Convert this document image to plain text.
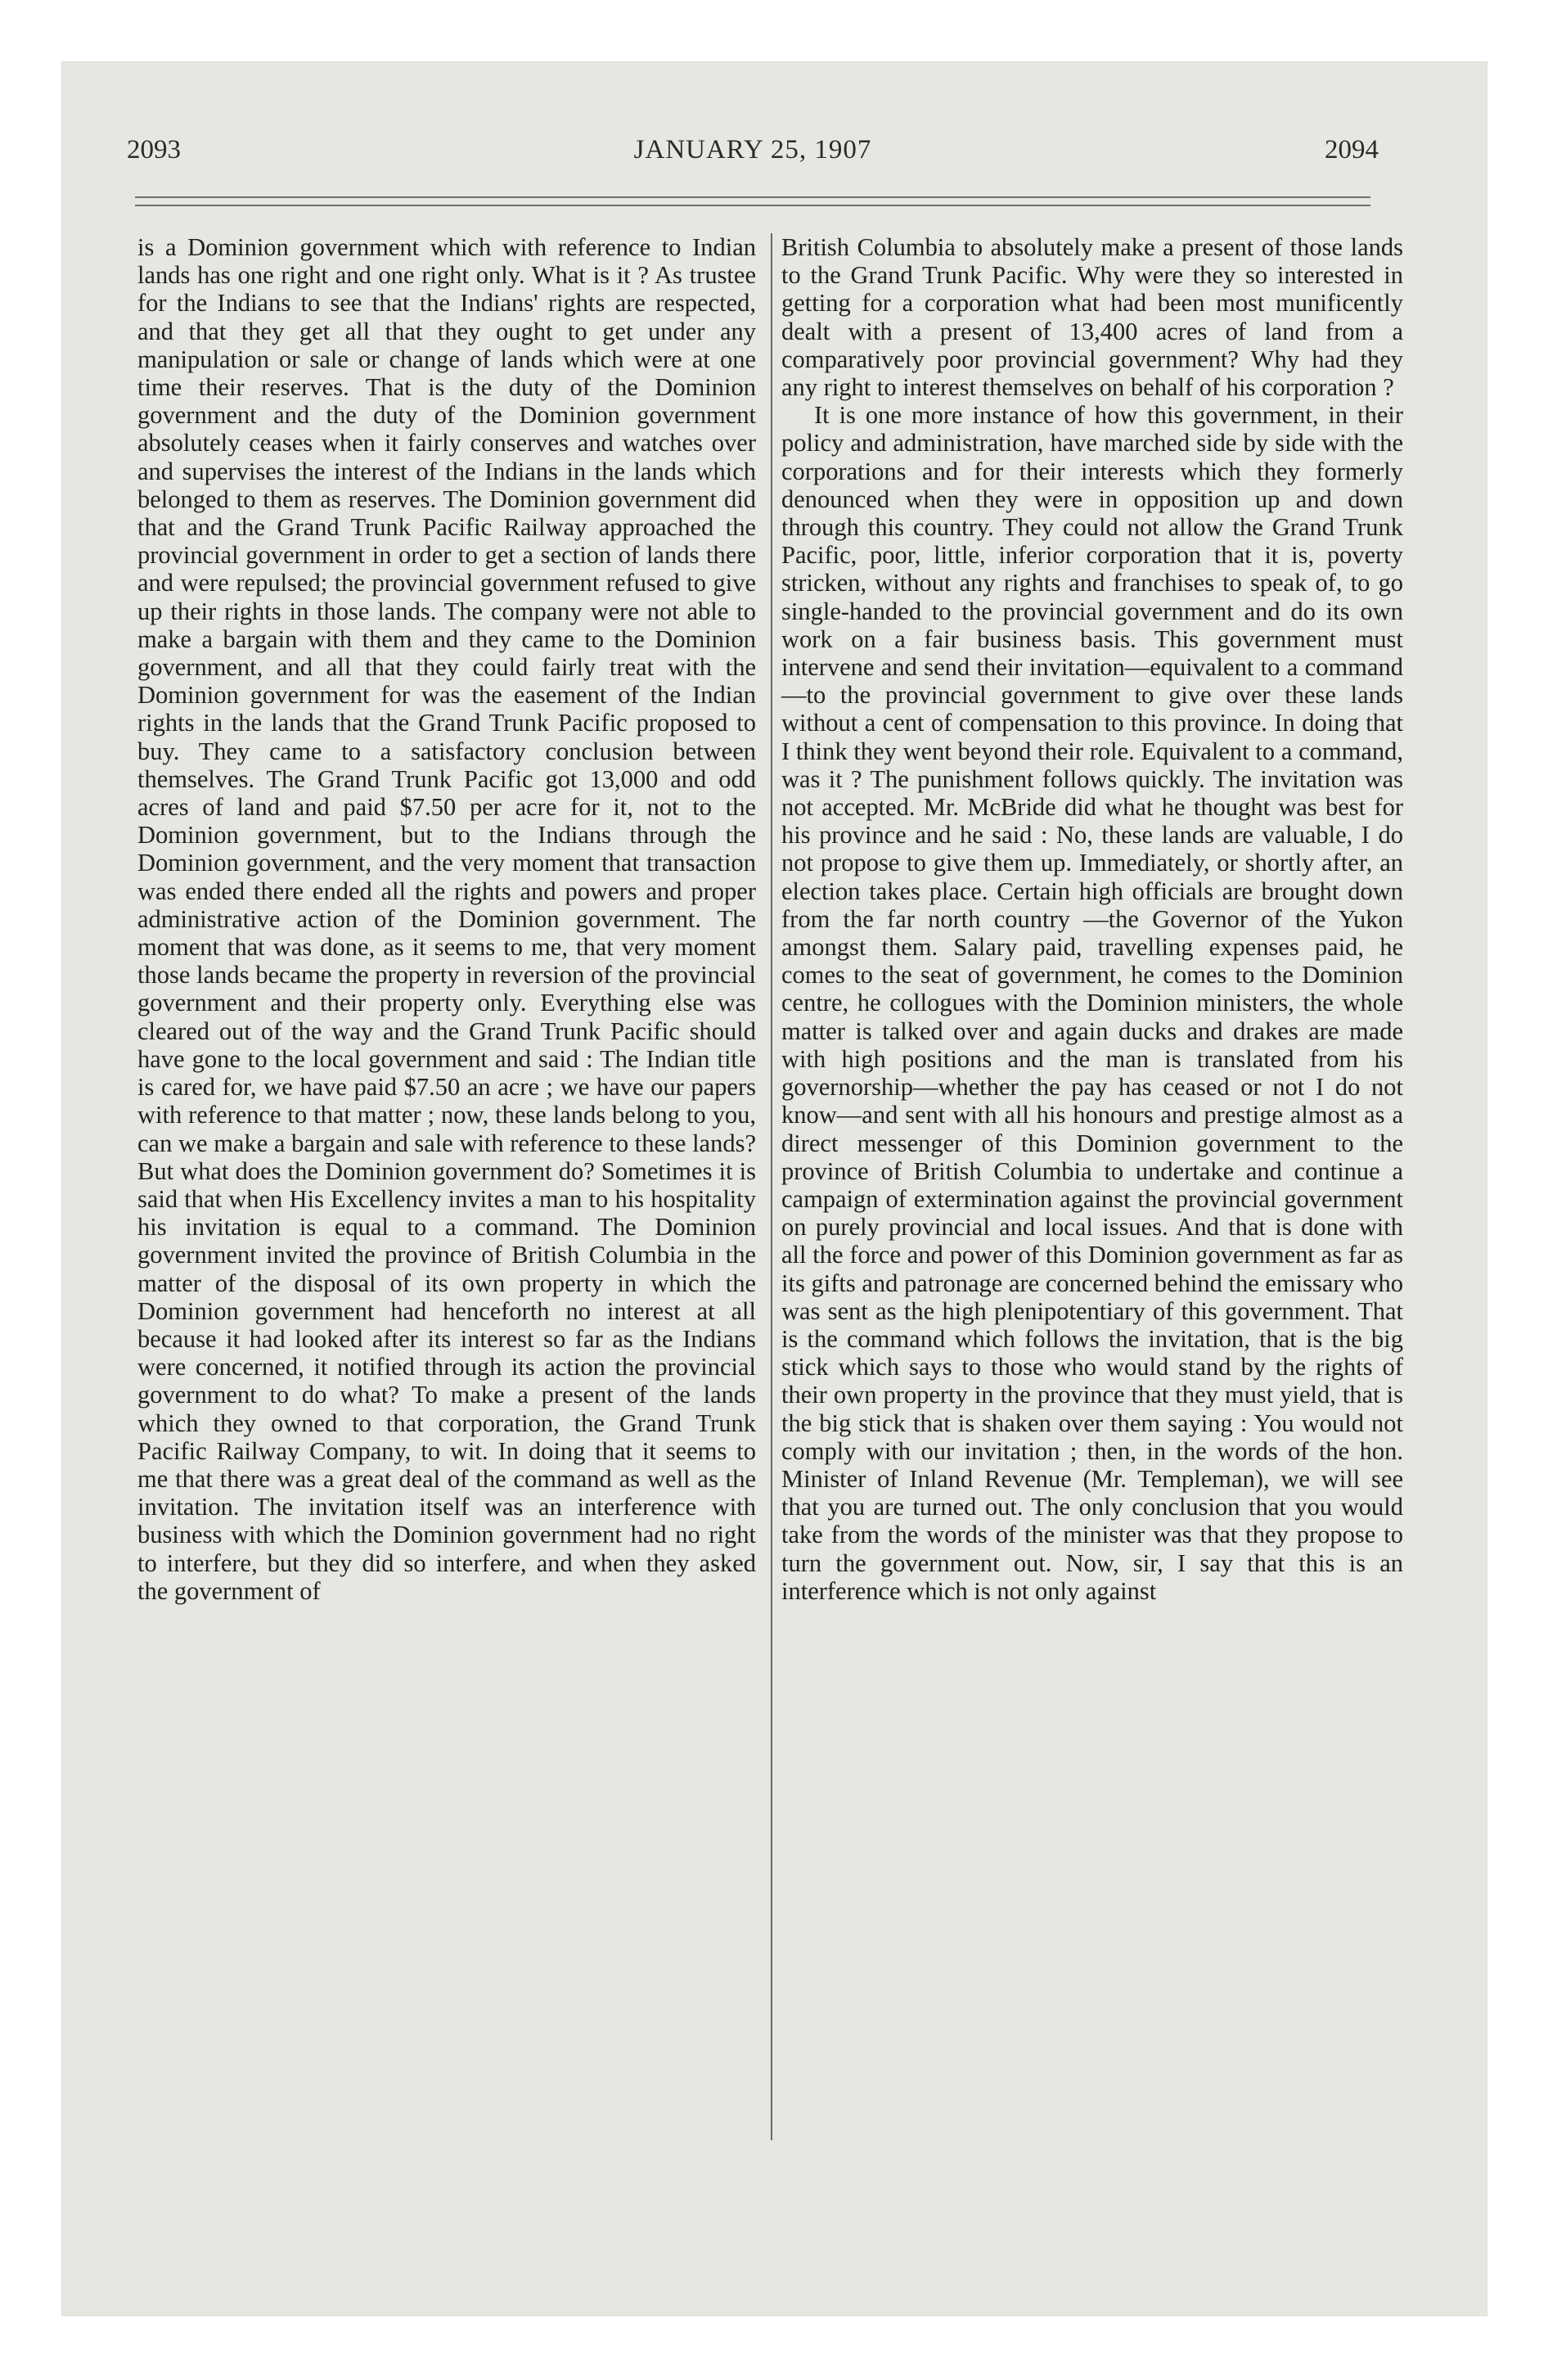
2093	JANUARY 25, 1907	2094

is a Dominion government which with reference to Indian lands has one right and one right only. What is it ? As trustee for the Indians to see that the Indians' rights are respected, and that they get all that they ought to get under any manipulation or sale or change of lands which were at one time their reserves. That is the duty of the Dominion government and the duty of the Dominion government absolutely ceases when it fairly conserves and watches over and supervises the interest of the Indians in the lands which belonged to them as reserves. The Dominion government did that and the Grand Trunk Pacific Railway approached the provincial government in order to get a section of lands there and were repulsed; the provincial government refused to give up their rights in those lands. The company were not able to make a bargain with them and they came to the Dominion government, and all that they could fairly treat with the Dominion government for was the easement of the Indian rights in the lands that the Grand Trunk Pacific proposed to buy. They came to a satisfactory conclusion between themselves. The Grand Trunk Pacific got 13,000 and odd acres of land and paid $7.50 per acre for it, not to the Dominion government, but to the Indians through the Dominion government, and the very moment that transaction was ended there ended all the rights and powers and proper administrative action of the Dominion government. The moment that was done, as it seems to me, that very moment those lands became the property in reversion of the provincial government and their property only. Everything else was cleared out of the way and the Grand Trunk Pacific should have gone to the local government and said : The Indian title is cared for, we have paid $7.50 an acre ; we have our papers with reference to that matter ; now, these lands belong to you, can we make a bargain and sale with reference to these lands? But what does the Dominion government do? Sometimes it is said that when His Excellency invites a man to his hospitality his invitation is equal to a command. The Dominion government invited the province of British Columbia in the matter of the disposal of its own property in which the Dominion government had henceforth no interest at all because it had looked after its interest so far as the Indians were concerned, it notified through its action the provincial government to do what? To make a present of the lands which they owned to that corporation, the Grand Trunk Pacific Railway Company, to wit. In doing that it seems to me that there was a great deal of the command as well as the invitation. The invitation itself was an interference with business with which the Dominion government had no right to interfere, but they did so interfere, and when they asked the government of

British Columbia to absolutely make a present of those lands to the Grand Trunk Pacific. Why were they so interested in getting for a corporation what had been most munificently dealt with a present of 13,400 acres of land from a comparatively poor provincial government? Why had they any right to interest themselves on behalf of his corporation ?

It is one more instance of how this government, in their policy and administration, have marched side by side with the corporations and for their interests which they formerly denounced when they were in opposition up and down through this country. They could not allow the Grand Trunk Pacific, poor, little, inferior corporation that it is, poverty stricken, without any rights and franchises to speak of, to go single-handed to the provincial government and do its own work on a fair business basis. This government must intervene and send their invitation—equivalent to a command—to the provincial government to give over these lands without a cent of compensation to this province. In doing that I think they went beyond their role. Equivalent to a command, was it ? The punishment follows quickly. The invitation was not accepted. Mr. McBride did what he thought was best for his province and he said : No, these lands are valuable, I do not propose to give them up. Immediately, or shortly after, an election takes place. Certain high officials are brought down from the far north country —the Governor of the Yukon amongst them. Salary paid, travelling expenses paid, he comes to the seat of government, he comes to the Dominion centre, he collogues with the Dominion ministers, the whole matter is talked over and again ducks and drakes are made with high positions and the man is translated from his governorship—whether the pay has ceased or not I do not know—and sent with all his honours and prestige almost as a direct messenger of this Dominion government to the province of British Columbia to undertake and continue a campaign of extermination against the provincial government on purely provincial and local issues. And that is done with all the force and power of this Dominion government as far as its gifts and patronage are concerned behind the emissary who was sent as the high plenipotentiary of this government. That is the command which follows the invitation, that is the big stick which says to those who would stand by the rights of their own property in the province that they must yield, that is the big stick that is shaken over them saying : You would not comply with our invitation ; then, in the words of the hon. Minister of Inland Revenue (Mr. Templeman), we will see that you are turned out. The only conclusion that you would take from the words of the minister was that they propose to turn the government out. Now, sir, I say that this is an interference which is not only against
